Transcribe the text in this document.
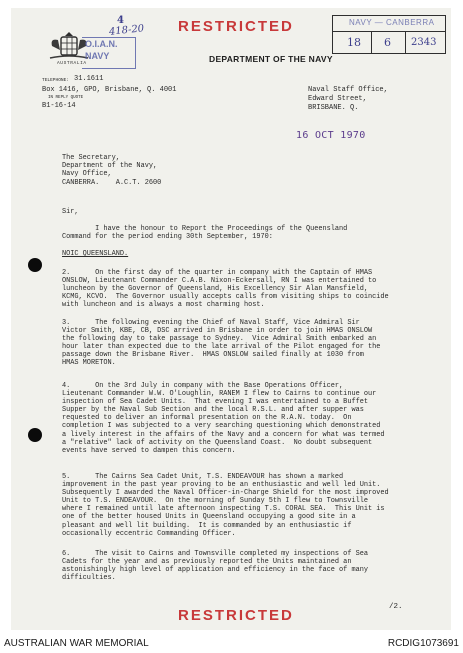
AUSTRALIA
O.I.A.N. NAVY
4
418-20 RESTRICTED	NAVY — CANBERRA
18 6 2343
DEPARTMENT OF THE NAVY
TELEPHONE: 31.1611
Box 1416, GPO, Brisbane, Q. 4001
IN REPLY QUOTE
B1-16-14
Naval Staff Office,
Edward Street,
BRISBANE. Q.
16 OCT 1970
The Secretary,
Department of the Navy,
Navy Office,
CANBERRA.    A.C.T. 2600
Sir,
I have the honour to Report the Proceedings of the Queensland
Command for the period ending 30th September, 1970:
NOIC QUEENSLAND.
2.      On the first day of the quarter in company with the Captain of HMAS
ONSLOW, Lieutenant Commander C.A.B. Nixon-Eckersall, RN I was entertained to
luncheon by the Governor of Queensland, His Excellency Sir Alan Mansfield,
KCMG, KCVO.  The Governor usually accepts calls from visiting ships to coincide
with luncheon and is always a most charming host.
3.      The following evening the Chief of Naval Staff, Vice Admiral Sir
Victor Smith, KBE, CB, DSC arrived in Brisbane in order to join HMAS ONSLOW
the following day to take passage to Sydney.  Vice Admiral Smith embarked an
hour later than expected due to the late arrival of the Pilot engaged for the
passage down the Brisbane River.  HMAS ONSLOW sailed finally at 1030 from
HMAS MORETON.
4.      On the 3rd July in company with the Base Operations Officer,
Lieutenant Commander W.W. O'Loughlin, RANEM I flew to Cairns to continue our
inspection of Sea Cadet Units.  That evening I was entertained to a Buffet
Supper by the Naval Sub Section and the local R.S.L. and after supper was
requested to deliver an informal presentation on the R.A.N. today.  On
completion I was subjected to a very searching questioning which demonstrated
a lively interest in the affairs of the Navy and a concern for what was termed
a "relative" lack of activity on the Queensland Coast.  No doubt subsequent
events have served to dampen this concern.
5.      The Cairns Sea Cadet Unit, T.S. ENDEAVOUR has shown a marked
improvement in the past year proving to be an enthusiastic and well led Unit.
Subsequently I awarded the Naval Officer-in-Charge Shield for the most improved
Unit to T.S. ENDEAVOUR.  On the morning of Sunday 5th I flew to Townsville
where I remained until late afternoon inspecting T.S. CORAL SEA.  This Unit is
one of the better housed Units in Queensland occupying a good site in a
pleasant and well lit building.  It is commanded by an enthusiastic if
occasionally eccentric Commanding Officer.
6.      The visit to Cairns and Townsville completed my inspections of Sea
Cadets for the year and as previously reported the Units maintained an
astonishingly high level of application and efficiency in the face of many
difficulties.
RESTRICTED	/2.
AUSTRALIAN WAR MEMORIAL	RCDIG1073691
